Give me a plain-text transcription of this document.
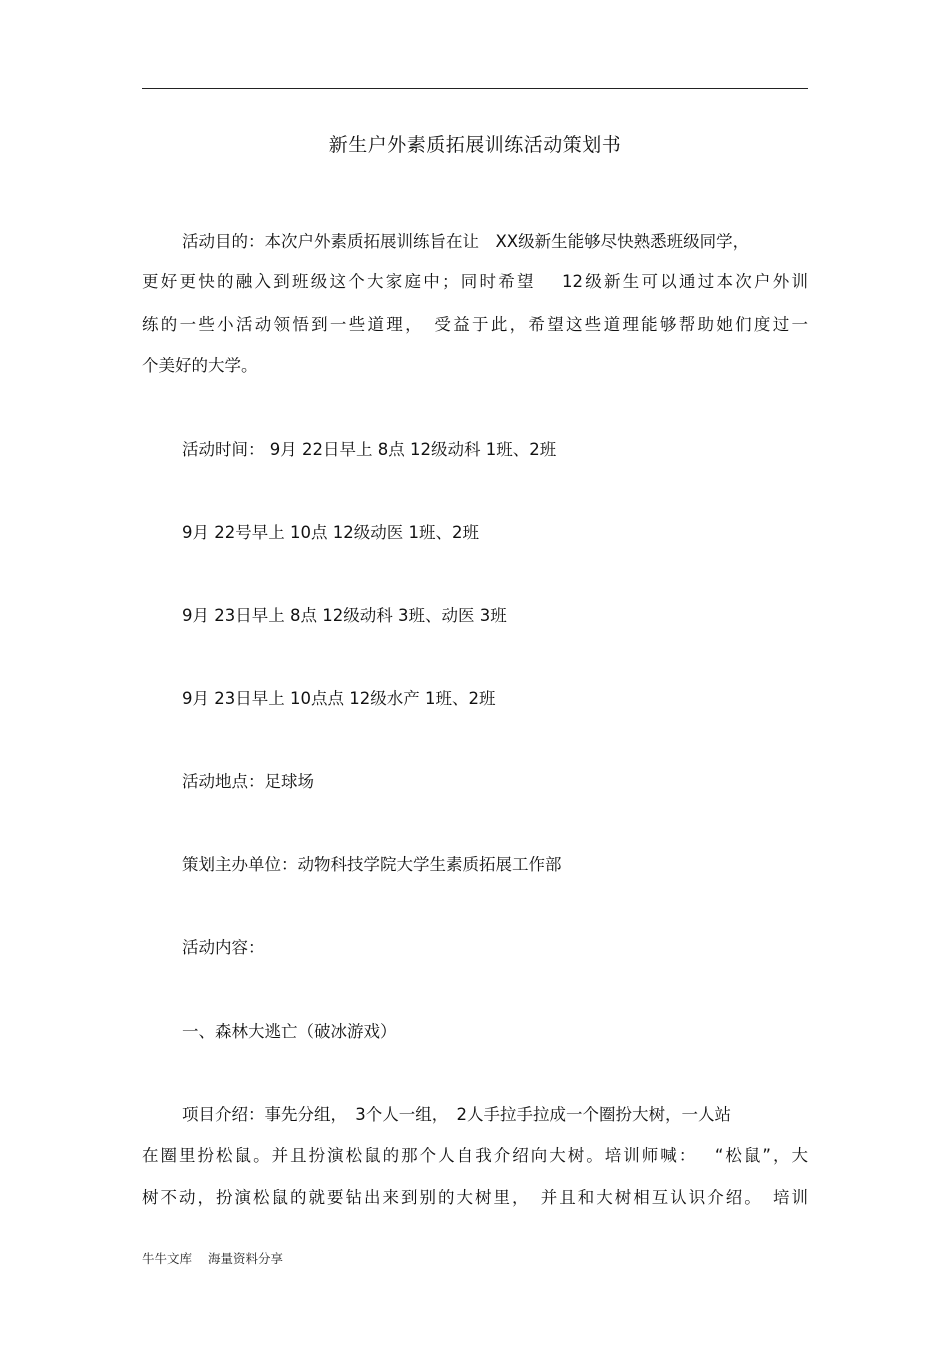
新生户外素质拓展训练活动策划书
活动目的：本次户外素质拓展训练旨在让　XX级新生能够尽快熟悉班级同学，
更好更快的融入到班级这个大家庭中；同时希望　 12级新生可以通过本次户外训
练的一些小活动领悟到一些道理，　受益于此，希望这些道理能够帮助她们度过一
个美好的大学。
活动时间： 9月 22日早上 8点 12级动科 1班、2班
9月 22号早上 10点 12级动医 1班、2班
9月 23日早上 8点 12级动科 3班、动医 3班
9月 23日早上 10点点 12级水产 1班、2班
活动地点：足球场
策划主办单位：动物科技学院大学生素质拓展工作部
活动内容：
一、森林大逃亡（破冰游戏）
项目介绍：事先分组，　3个人一组，　2人手拉手拉成一个圈扮大树，一人站
在圈里扮松鼠。并且扮演松鼠的那个人自我介绍向大树。培训师喊：　 “松鼠”，大
树不动，扮演松鼠的就要钻出来到别的大树里，　并且和大树相互认识介绍。　培训
牛牛文库 海量资料分享
